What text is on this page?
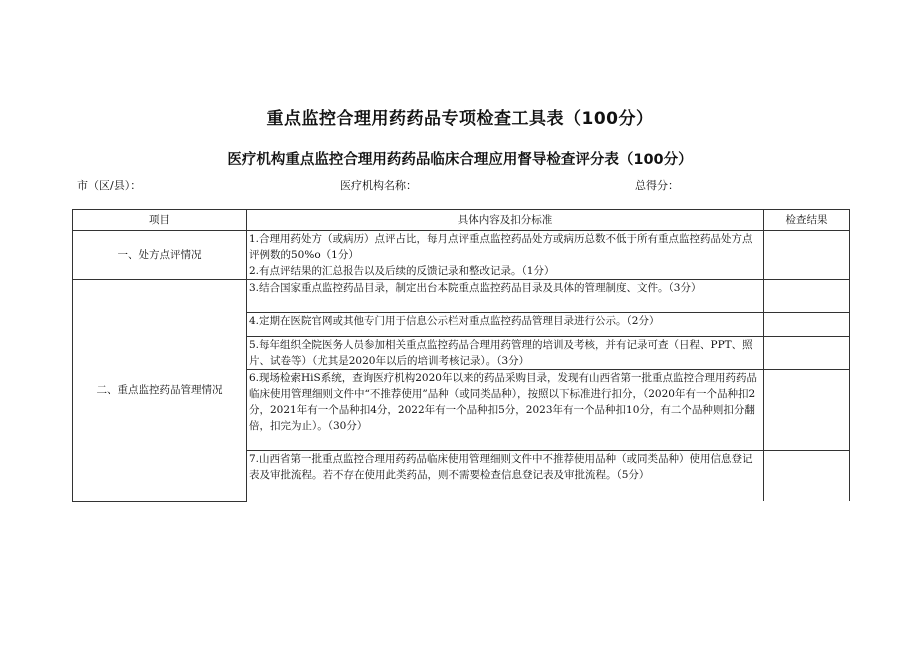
重点监控合理用药药品专项检查工具表（100分）
医疗机构重点监控合理用药药品临床合理应用督导检查评分表（100分）
市（区/县）：	医疗机构名称：	总得分：
项目	具体内容及扣分标准	检查结果
一、处方点评情况	1.合理用药处方（或病历）点评占比，每月点评重点监控药品处方或病历总数不低于所有重点监控药品处方点评例数的50%o（1分）
2.有点评结果的汇总报告以及后续的反馈记录和整改记录。（1分）	
二、重点监控药品管理情况	3.结合国家重点监控药品目录，制定出台本院重点监控药品目录及具体的管理制度、文件。（3分）	

	4.定期在医院官网或其他专门用于信息公示栏对重点监控药品管理目录进行公示。（2分）	

	5.每年组织全院医务人员参加相关重点监控药品合理用药管理的培训及考核，并有记录可查（日程、PPT、照片、试卷等）（尤其是2020年以后的培训考核记录）。（3分）	
	6.现场检索HiS系统，查询医疗机构2020年以来的药品采购目录，发现有山西省第一批重点监控合理用药药品临床使用管理细则文件中“不推荐使用”品种（或同类品种），按照以下标准进行扣分，（2020年有一个品种扣2分，2021年有一个品种扣4分，2022年有一个品种扣5分，2023年有一个品种扣10分，有二个品种则扣分翻倍，扣完为止）。（30分）	
	7.山西省第一批重点监控合理用药药品临床使用管理细则文件中不推荐使用品种（或同类品种）使用信息登记表及审批流程。若不存在使用此类药品，则不需要检查信息登记表及审批流程。（5分）	
